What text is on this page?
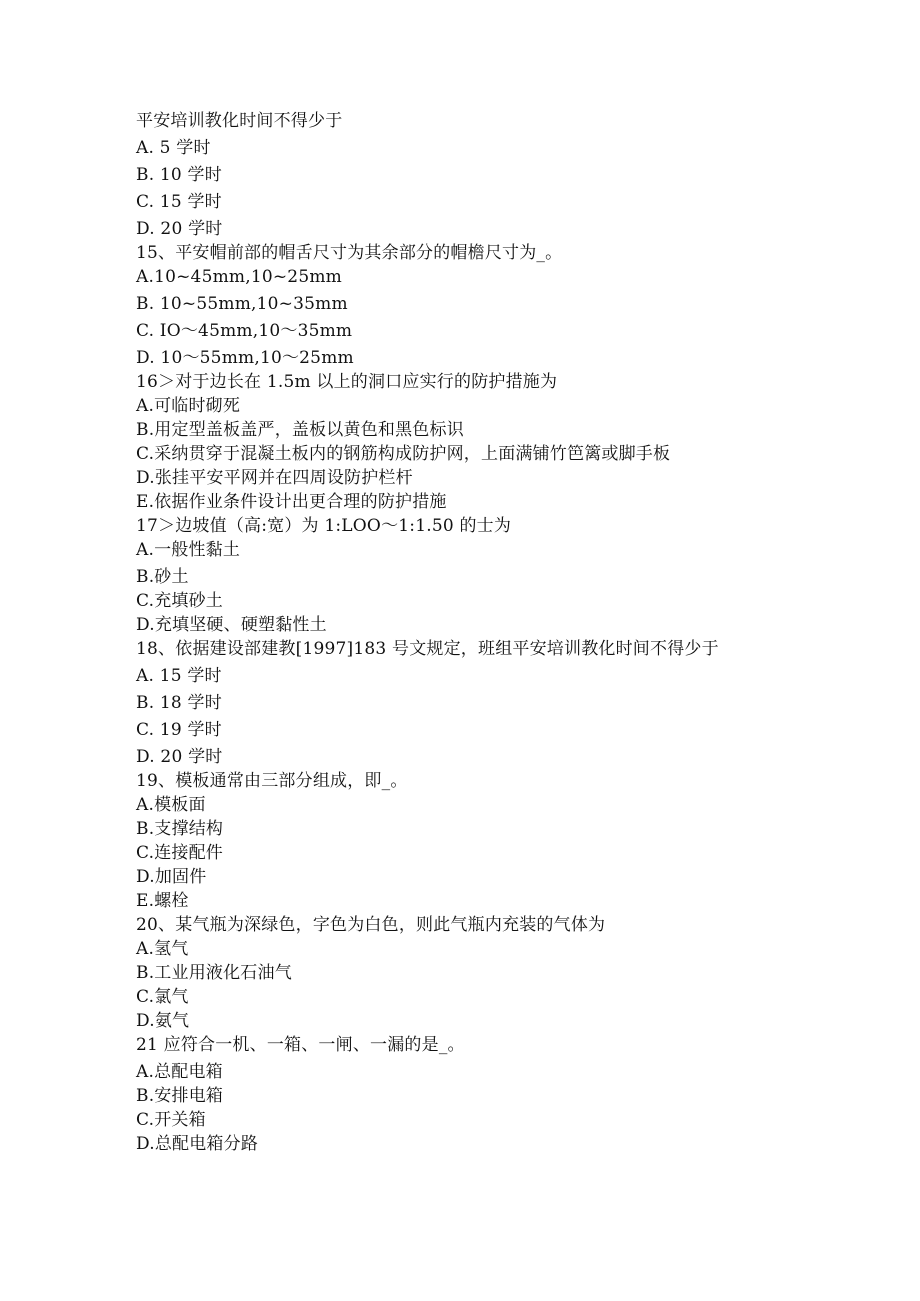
平安培训教化时间不得少于
A. 5 学时
B. 10 学时
C. 15 学时
D. 20 学时
15、平安帽前部的帽舌尺寸为其余部分的帽檐尺寸为_。
A.10~45mm,10~25mm
B. 10~55mm,10~35mm
C. IO～45mm,10～35mm
D. 10～55mm,10～25mm
16＞对于边长在 1.5m 以上的洞口应实行的防护措施为
A.可临时砌死
B.用定型盖板盖严，盖板以黄色和黑色标识
C.采纳贯穿于混凝土板内的钢筋构成防护网，上面满铺竹笆篱或脚手板
D.张挂平安平网并在四周设防护栏杆
E.依据作业条件设计出更合理的防护措施
17＞边坡值（高:宽）为 1:LOO～1:1.50 的士为
A.一般性黏土
B.砂土
C.充填砂土
D.充填坚硬、硬塑黏性土
18、依据建设部建教[1997]183 号文规定，班组平安培训教化时间不得少于
A. 15 学时
B. 18 学时
C. 19 学时
D. 20 学时
19、模板通常由三部分组成，即_。
A.模板面
B.支撑结构
C.连接配件
D.加固件
E.螺栓
20、某气瓶为深绿色，字色为白色，则此气瓶内充装的气体为
A.氢气
B.工业用液化石油气
C.氯气
D.氨气
21 应符合一机、一箱、一闸、一漏的是_。
A.总配电箱
B.安排电箱
C.开关箱
D.总配电箱分路
